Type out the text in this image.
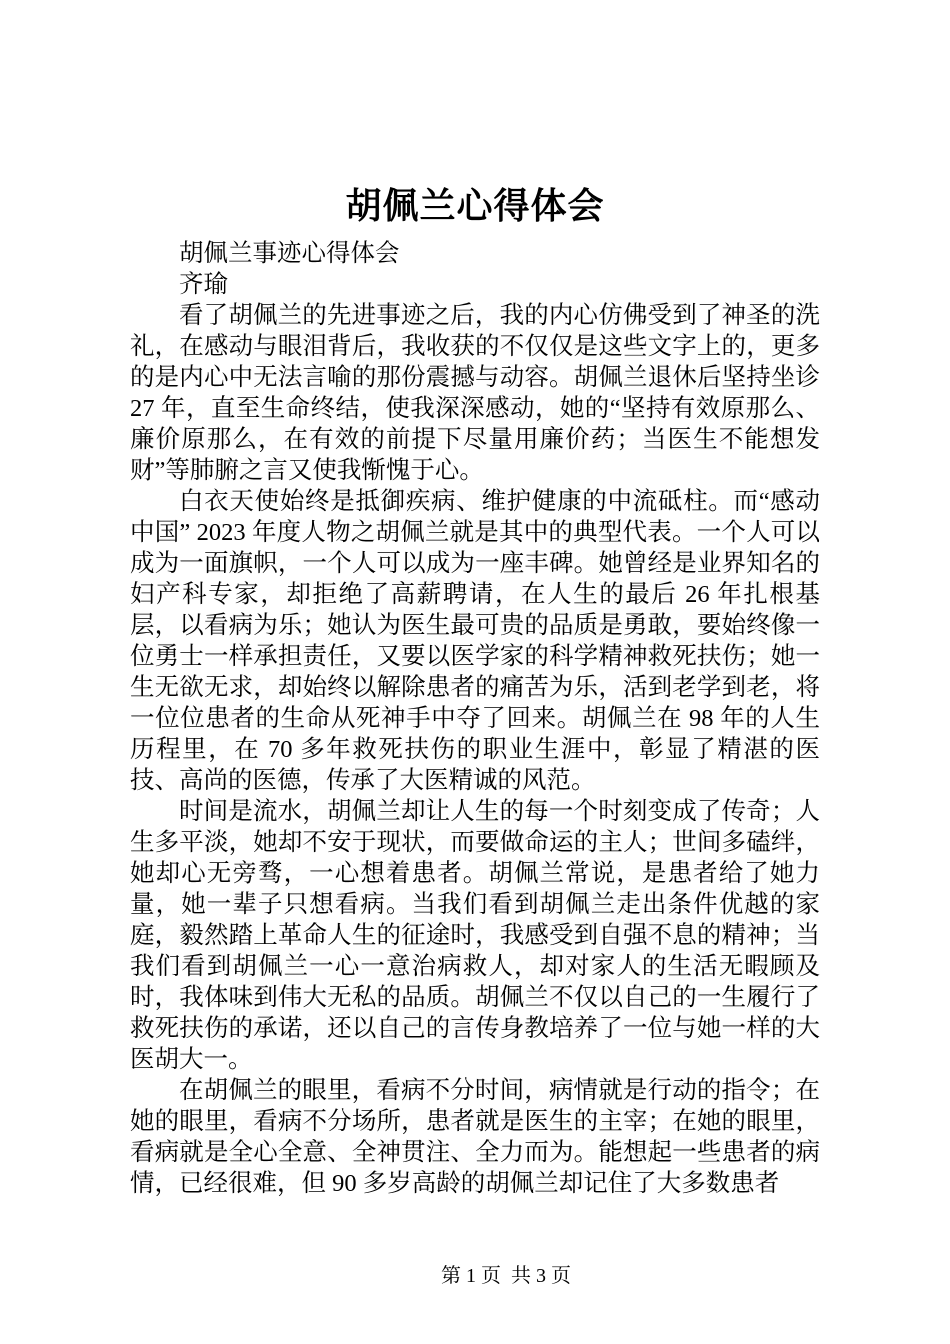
胡佩兰心得体会

胡佩兰事迹心得体会

齐瑜

看了胡佩兰的先进事迹之后，我的内心仿佛受到了神圣的洗礼，在感动与眼泪背后，我收获的不仅仅是这些文字上的，更多的是内心中无法言喻的那份震撼与动容。胡佩兰退休后坚持坐诊 27 年，直至生命终结，使我深深感动，她的“坚持有效原那么、廉价原那么，在有效的前提下尽量用廉价药；当医生不能想发财”等肺腑之言又使我惭愧于心。

白衣天使始终是抵御疾病、维护健康的中流砥柱。而“感动中国” 2023 年度人物之胡佩兰就是其中的典型代表。一个人可以成为一面旗帜，一个人可以成为一座丰碑。她曾经是业界知名的妇产科专家，却拒绝了高薪聘请，在人生的最后 26 年扎根基层，以看病为乐；她认为医生最可贵的品质是勇敢，要始终像一位勇士一样承担责任，又要以医学家的科学精神救死扶伤；她一生无欲无求，却始终以解除患者的痛苦为乐，活到老学到老，将一位位患者的生命从死神手中夺了回来。胡佩兰在 98 年的人生历程里，在 70 多年救死扶伤的职业生涯中，彰显了精湛的医技、高尚的医德，传承了大医精诚的风范。

时间是流水，胡佩兰却让人生的每一个时刻变成了传奇；人生多平淡，她却不安于现状，而要做命运的主人；世间多磕绊，她却心无旁骛，一心想着患者。胡佩兰常说，是患者给了她力量，她一辈子只想看病。当我们看到胡佩兰走出条件优越的家庭，毅然踏上革命人生的征途时，我感受到自强不息的精神；当我们看到胡佩兰一心一意治病救人，却对家人的生活无暇顾及时，我体味到伟大无私的品质。胡佩兰不仅以自己的一生履行了救死扶伤的承诺，还以自己的言传身教培养了一位与她一样的大医胡大一。

在胡佩兰的眼里，看病不分时间，病情就是行动的指令；在她的眼里，看病不分场所，患者就是医生的主宰；在她的眼里，看病就是全心全意、全神贯注、全力而为。能想起一些患者的病情，已经很难，但 90 多岁高龄的胡佩兰却记住了大多数患者

第 1 页  共 3 页
